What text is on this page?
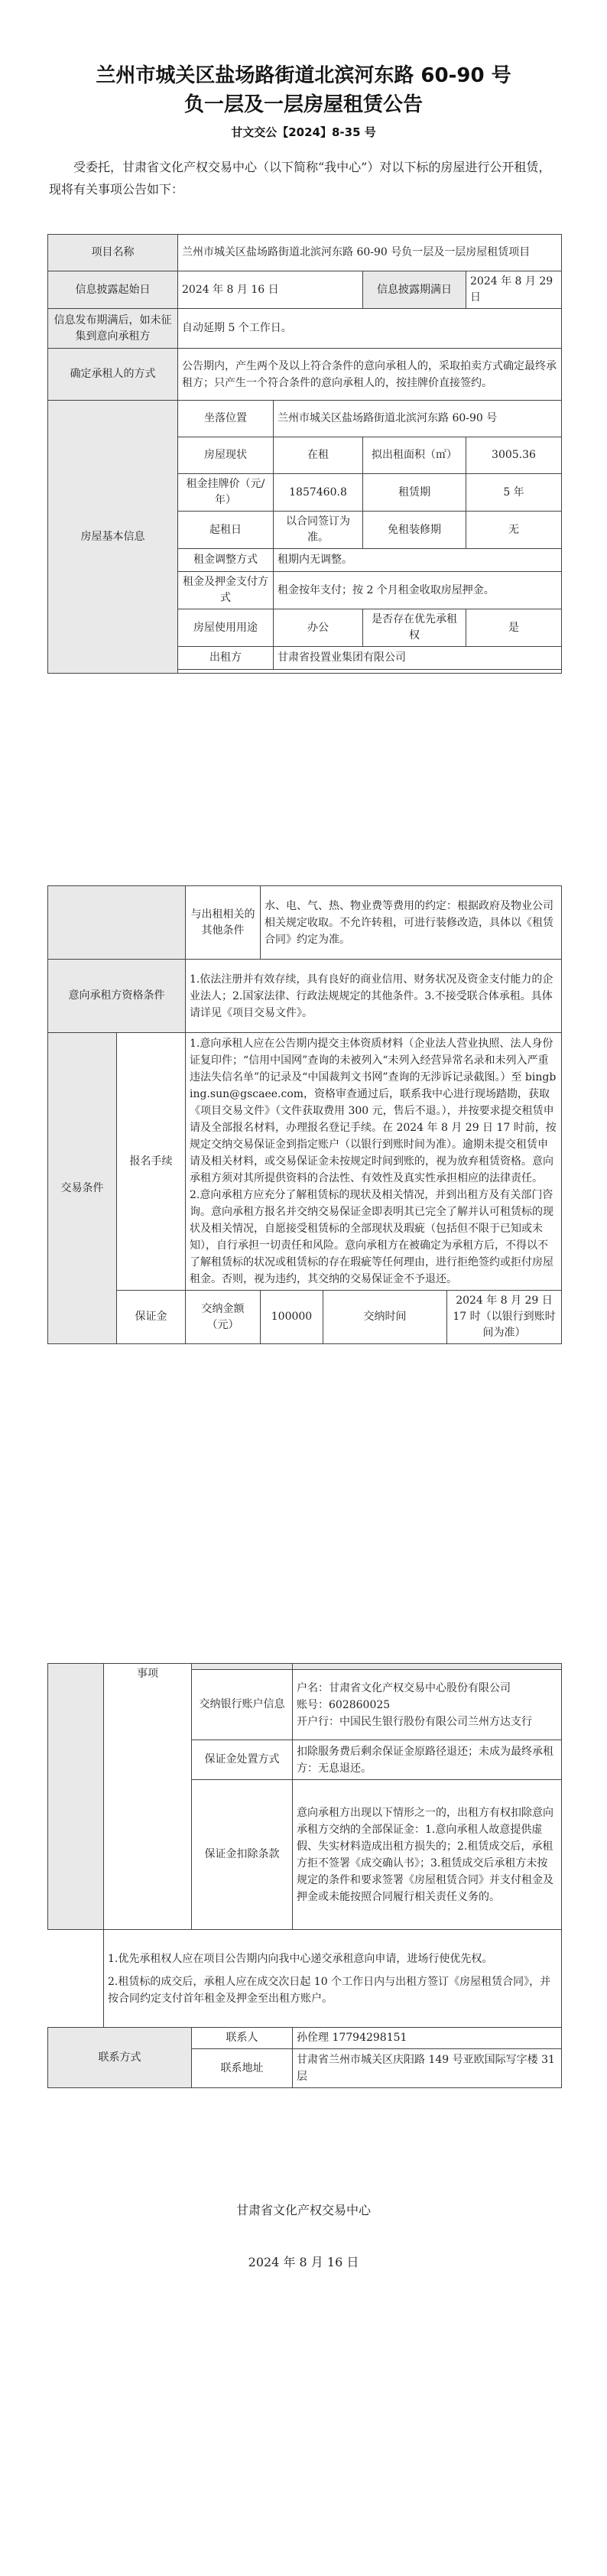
兰州市城关区盐场路街道北滨河东路 60-90 号
负一层及一层房屋租赁公告
甘文交公【2024】8-35 号

受委托，甘肃省文化产权交易中心（以下简称“我中心”）对以下标的房屋进行公开租赁，现将有关事项公告如下：

项目名称	兰州市城关区盐场路街道北滨河东路 60-90 号负一层及一层房屋租赁项目			
信息披露起始日	2024 年 8 月 16 日		信息披露期满日	2024 年 8 月 29 日
信息发布期满后，如未征集到意向承租方	自动延期 5 个工作日。			
确定承租人的方式	公告期内，产生两个及以上符合条件的意向承租人的，采取拍卖方式确定最终承租方；只产生一个符合条件的意向承租人的，按挂牌价直接签约。			
房屋基本信息	坐落位置	兰州市城关区盐场路街道北滨河东路 60-90 号		
	房屋现状	在租	拟出租面积（㎡）	3005.36
	租金挂牌价（元/年）	1857460.8	租赁期	5 年
	起租日	以合同签订为准。	免租装修期	无
	租金调整方式	租期内无调整。		
	租金及押金支付方式	租金按年支付；按 2 个月租金收取房屋押金。		
	房屋使用用途	办公	是否存在优先承租权	是
	出租方	甘肃省投置业集团有限公司		

		与出租相关的其他条件	水、电、气、热、物业费等费用的约定：根据政府及物业公司相关规定收取。不允许转租，可进行装修改造，具体以《租赁合同》约定为准。		
意向承租方资格条件		1.依法注册并有效存续，具有良好的商业信用、财务状况及资金支付能力的企业法人；2.国家法律、行政法规规定的其他条件。3.不接受联合体承租。具体请详见《项目交易文件》。			
交易条件	报名手续	1.意向承租人应在公告期内提交主体资质材料（企业法人营业执照、法人身份证复印件；“信用中国网”查询的未被列入“未列入经营异常名录和未列入严重违法失信名单”的记录及“中国裁判文书网”查询的无涉诉记录截图。）至 bingbing.sun@gscaee.com，资格审查通过后，联系我中心进行现场踏勘，获取《项目交易文件》（文件获取费用 300 元，售后不退。），并按要求提交租赁申请及全部报名材料，办理报名登记手续。在 2024 年 8 月 29 日 17 时前，按规定交纳交易保证金到指定账户（以银行到账时间为准）。逾期未提交租赁申请及相关材料，或交易保证金未按规定时间到账的，视为放弃租赁资格。意向承租方须对其所提供资料的合法性、有效性及真实性承担相应的法律责任。
2.意向承租方应充分了解租赁标的现状及相关情况，并到出租方及有关部门咨询。意向承租方报名并交纳交易保证金即表明其已完全了解并认可租赁标的现状及相关情况，自愿接受租赁标的全部现状及瑕疵（包括但不限于已知或未知），自行承担一切责任和风险。意向承租方在被确定为承租方后，不得以不了解租赁标的状况或租赁标的存在瑕疵等任何理由，进行拒绝签约或拒付房屋租金。否则，视为违约，其交纳的交易保证金不予退还。			

	保证金	交纳金额（元）	100000	交纳时间	2024 年 8 月 29 日 17 时（以银行到账时间为准）
事项		
	交纳银行账户信息	户名：甘肃省文化产权交易中心股份有限公司
账号：602860025
开户行：中国民生银行股份有限公司兰州方达支行

	保证金处置方式	扣除服务费后剩余保证金原路径退还；未成为最终承租方：无息退还。
	保证金扣除条款	意向承租方出现以下情形之一的，出租方有权扣除意向承租方交纳的全部保证金：1.意向承租人故意提供虚假、失实材料造成出租方损失的；2.租赁成交后，承租方拒不签署《成交确认书》；3.租赁成交后承租方未按规定的条件和要求签署《房屋租赁合同》并支付租金及押金或未能按照合同履行相关责任义务的。
1.优先承租权人应在项目公告期内向我中心递交承租意向申请，进场行使优先权。
2.租赁标的成交后，承租人应在成交次日起 10 个工作日内与出租方签订《房屋租赁合同》，并按合同约定支付首年租金及押金至出租方账户。
联系方式	联系人	孙佺理 17794298151
	联系地址	甘肃省兰州市城关区庆阳路 149 号亚欧国际写字楼 31 层
甘肃省文化产权交易中心
2024 年 8 月 16 日
